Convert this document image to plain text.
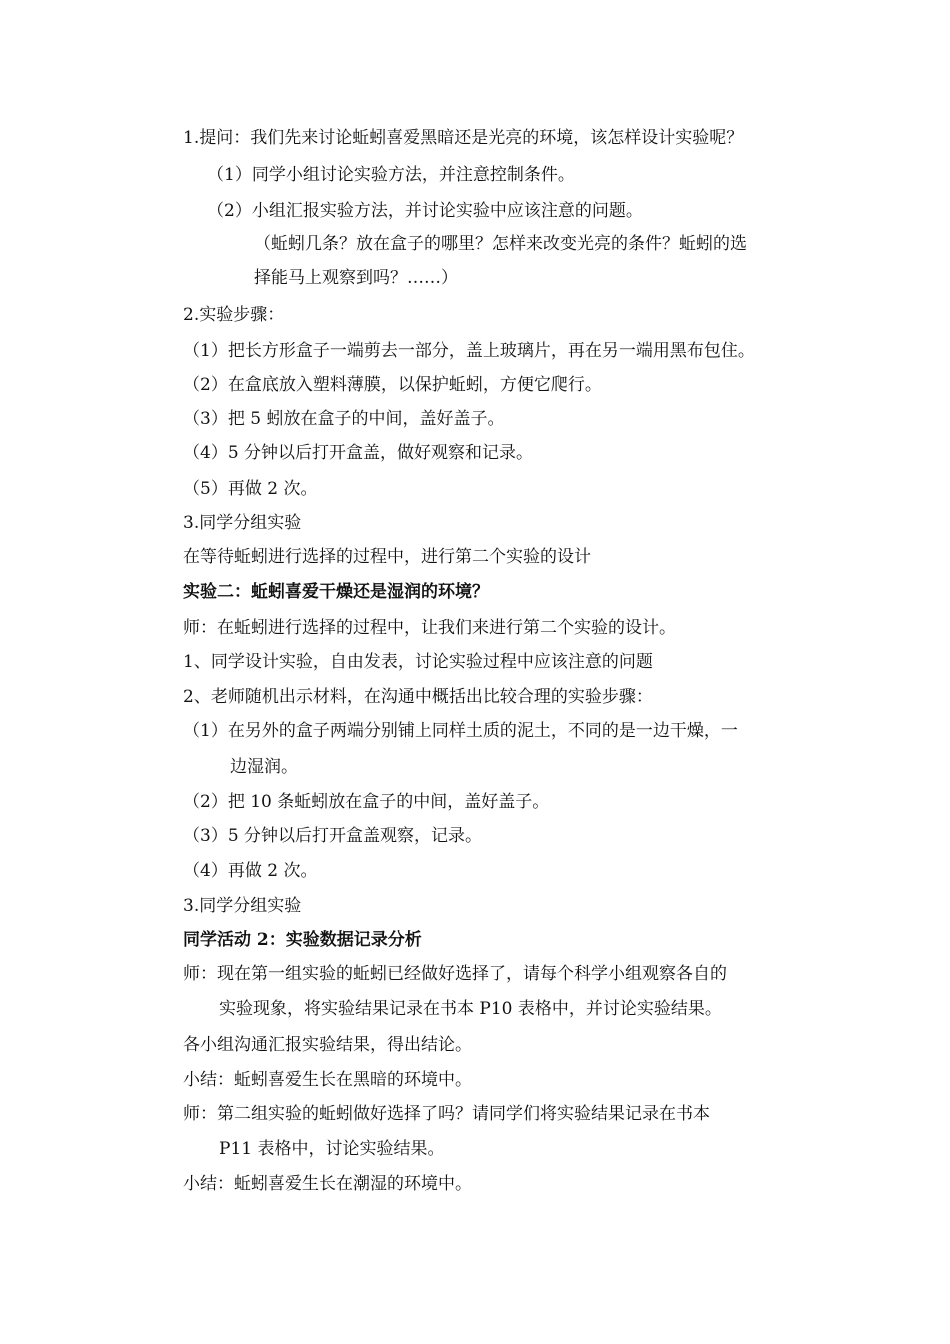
1.提问：我们先来讨论蚯蚓喜爱黑暗还是光亮的环境，该怎样设计实验呢？
（1）同学小组讨论实验方法，并注意控制条件。
（2）小组汇报实验方法，并讨论实验中应该注意的问题。
（蚯蚓几条？放在盒子的哪里？怎样来改变光亮的条件？蚯蚓的选
择能马上观察到吗？……）
2.实验步骤：
（1）把长方形盒子一端剪去一部分，盖上玻璃片，再在另一端用黑布包住。
（2）在盒底放入塑料薄膜，以保护蚯蚓，方便它爬行。
（3）把 5 蚓放在盒子的中间，盖好盖子。
（4）5 分钟以后打开盒盖，做好观察和记录。
（5）再做 2 次。
3.同学分组实验
在等待蚯蚓进行选择的过程中，进行第二个实验的设计
实验二：蚯蚓喜爱干燥还是湿润的环境？
师：在蚯蚓进行选择的过程中，让我们来进行第二个实验的设计。
1、同学设计实验，自由发表，讨论实验过程中应该注意的问题
2、老师随机出示材料，在沟通中概括出比较合理的实验步骤：
（1）在另外的盒子两端分别铺上同样土质的泥土，不同的是一边干燥，一
边湿润。
（2）把 10 条蚯蚓放在盒子的中间，盖好盖子。
（3）5 分钟以后打开盒盖观察，记录。
（4）再做 2 次。
3.同学分组实验
同学活动 2：实验数据记录分析
师：现在第一组实验的蚯蚓已经做好选择了，请每个科学小组观察各自的
实验现象，将实验结果记录在书本 P10 表格中，并讨论实验结果。
各小组沟通汇报实验结果，得出结论。
小结：蚯蚓喜爱生长在黑暗的环境中。
师：第二组实验的蚯蚓做好选择了吗？请同学们将实验结果记录在书本
P11 表格中，讨论实验结果。
小结：蚯蚓喜爱生长在潮湿的环境中。
